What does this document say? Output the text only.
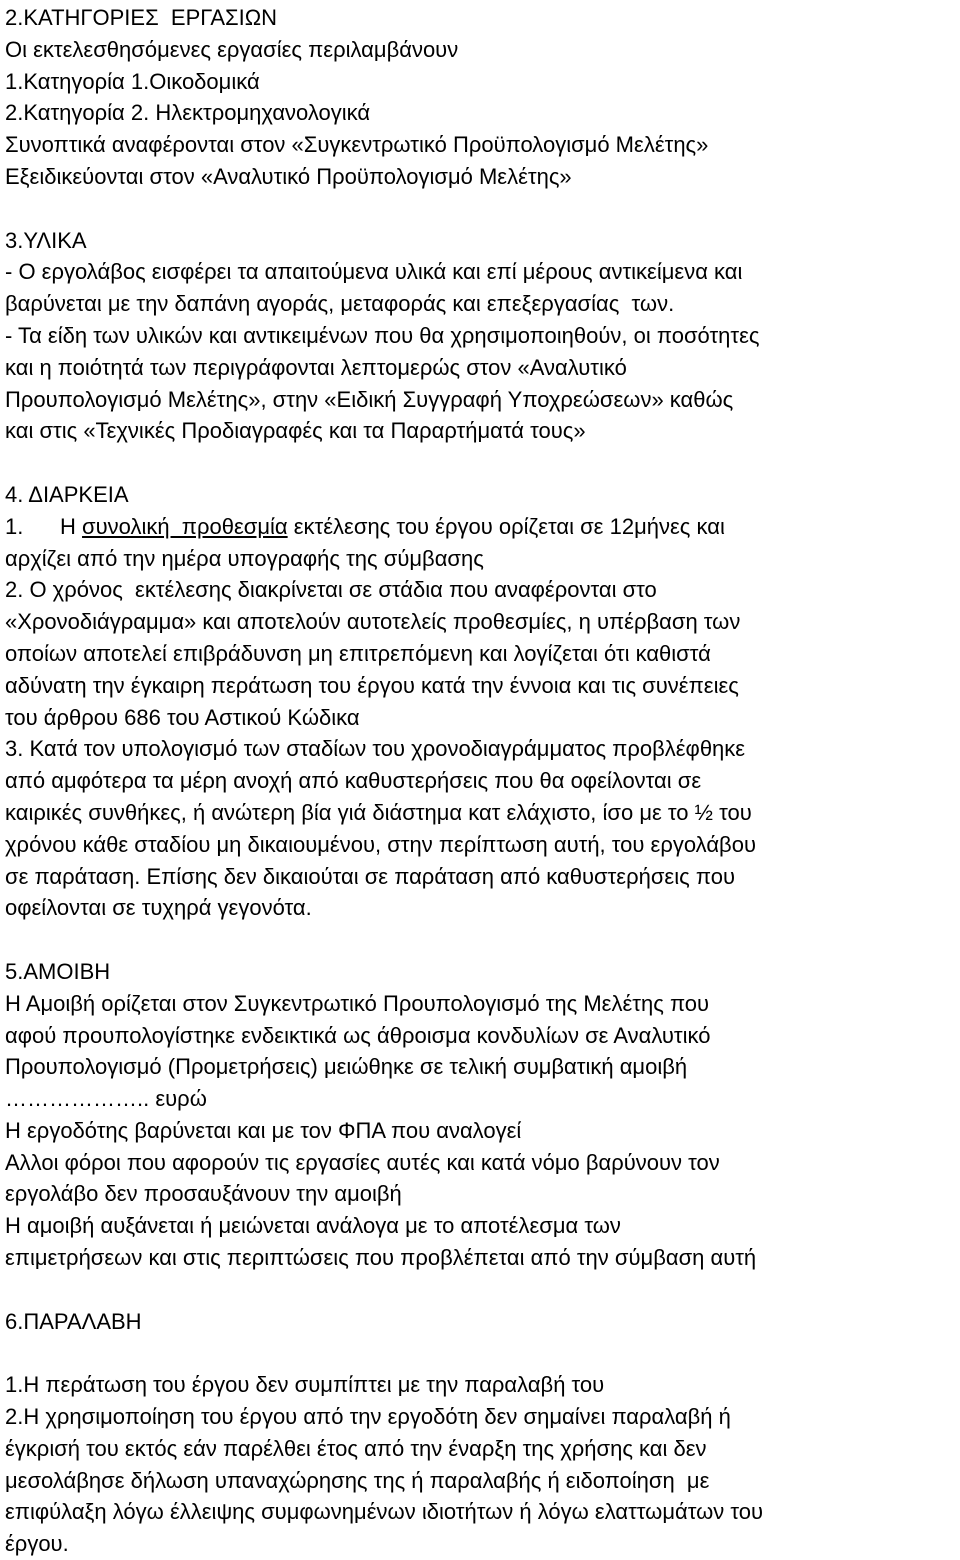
2.ΚΑΤΗΓΟΡΙΕΣ  ΕΡΓΑΣΙΩΝ
Οι εκτελεσθησόμενες εργασίες περιλαμβάνουν
1.Κατηγορία 1.Οικοδομικά
2.Κατηγορία 2. Ηλεκτρομηχανολογικά
Συνοπτικά αναφέρονται στον «Συγκεντρωτικό Προϋπολογισμό Μελέτης»
Εξειδικεύονται στον «Αναλυτικό Προϋπολογισμό Μελέτης»
3.ΥΛΙΚΑ
- Ο εργολάβος εισφέρει τα απαιτούμενα υλικά και επί μέρους αντικείμενα και
βαρύνεται με την δαπάνη αγοράς, μεταφοράς και επεξεργασίας  των.
- Τα είδη των υλικών και αντικειμένων που θα χρησιμοποιηθούν, οι ποσότητες
και η ποιότητά των περιγράφονται λεπτομερώς στον «Αναλυτικό
Προυπολογισμό Μελέτης», στην «Ειδική Συγγραφή Υποχρεώσεων» καθώς
και στις «Τεχνικές Προδιαγραφές και τα Παραρτήματά τους»
4. ΔΙΑΡΚΕΙΑ
1.      Η συνολική  προθεσμία εκτέλεσης του έργου ορίζεται σε 12μήνες και
αρχίζει από την ημέρα υπογραφής της σύμβασης
2. Ο χρόνος  εκτέλεσης διακρίνεται σε στάδια που αναφέρονται στο
«Χρονοδιάγραμμα» και αποτελούν αυτοτελείς προθεσμίες, η υπέρβαση των
οποίων αποτελεί επιβράδυνση μη επιτρεπόμενη και λογίζεται ότι καθιστά
αδύνατη την έγκαιρη περάτωση του έργου κατά την έννοια και τις συνέπειες
του άρθρου 686 του Αστικού Κώδικα
3. Κατά τον υπολογισμό των σταδίων του χρονοδιαγράμματος προβλέφθηκε
από αμφότερα τα μέρη ανοχή από καθυστερήσεις που θα οφείλονται σε
καιρικές συνθήκες, ή ανώτερη βία γιά διάστημα κατ ελάχιστο, ίσο με το ½ του
χρόνου κάθε σταδίου μη δικαιουμένου, στην περίπτωση αυτή, του εργολάβου
σε παράταση. Επίσης δεν δικαιούται σε παράταση από καθυστερήσεις που
οφείλονται σε τυχηρά γεγονότα.
5.ΑΜΟΙΒΗ
Η Αμοιβή ορίζεται στον Συγκεντρωτικό Προυπολογισμό της Μελέτης που
αφού προυπολογίστηκε ενδεικτικά ως άθροισμα κονδυλίων σε Αναλυτικό
Προυπολογισμό (Προμετρήσεις) μειώθηκε σε τελική συμβατική αμοιβή
……………….. ευρώ
Η εργοδότης βαρύνεται και με τον ΦΠΑ που αναλογεί
Αλλοι φόροι που αφορούν τις εργασίες αυτές και κατά νόμο βαρύνουν τον
εργολάβο δεν προσαυξάνουν την αμοιβή
Η αμοιβή αυξάνεται ή μειώνεται ανάλογα με το αποτέλεσμα των
επιμετρήσεων και στις περιπτώσεις που προβλέπεται από την σύμβαση αυτή
6.ΠΑΡΑΛΑΒΗ
1.Η περάτωση του έργου δεν συμπίπτει με την παραλαβή του
2.Η χρησιμοποίηση του έργου από την εργοδότη δεν σημαίνει παραλαβή ή
έγκρισή του εκτός εάν παρέλθει έτος από την έναρξη της χρήσης και δεν
μεσολάβησε δήλωση υπαναχώρησης της ή παραλαβής ή ειδοποίηση  με
επιφύλαξη λόγω έλλειψης συμφωνημένων ιδιοτήτων ή λόγω ελαττωμάτων του
έργου.
